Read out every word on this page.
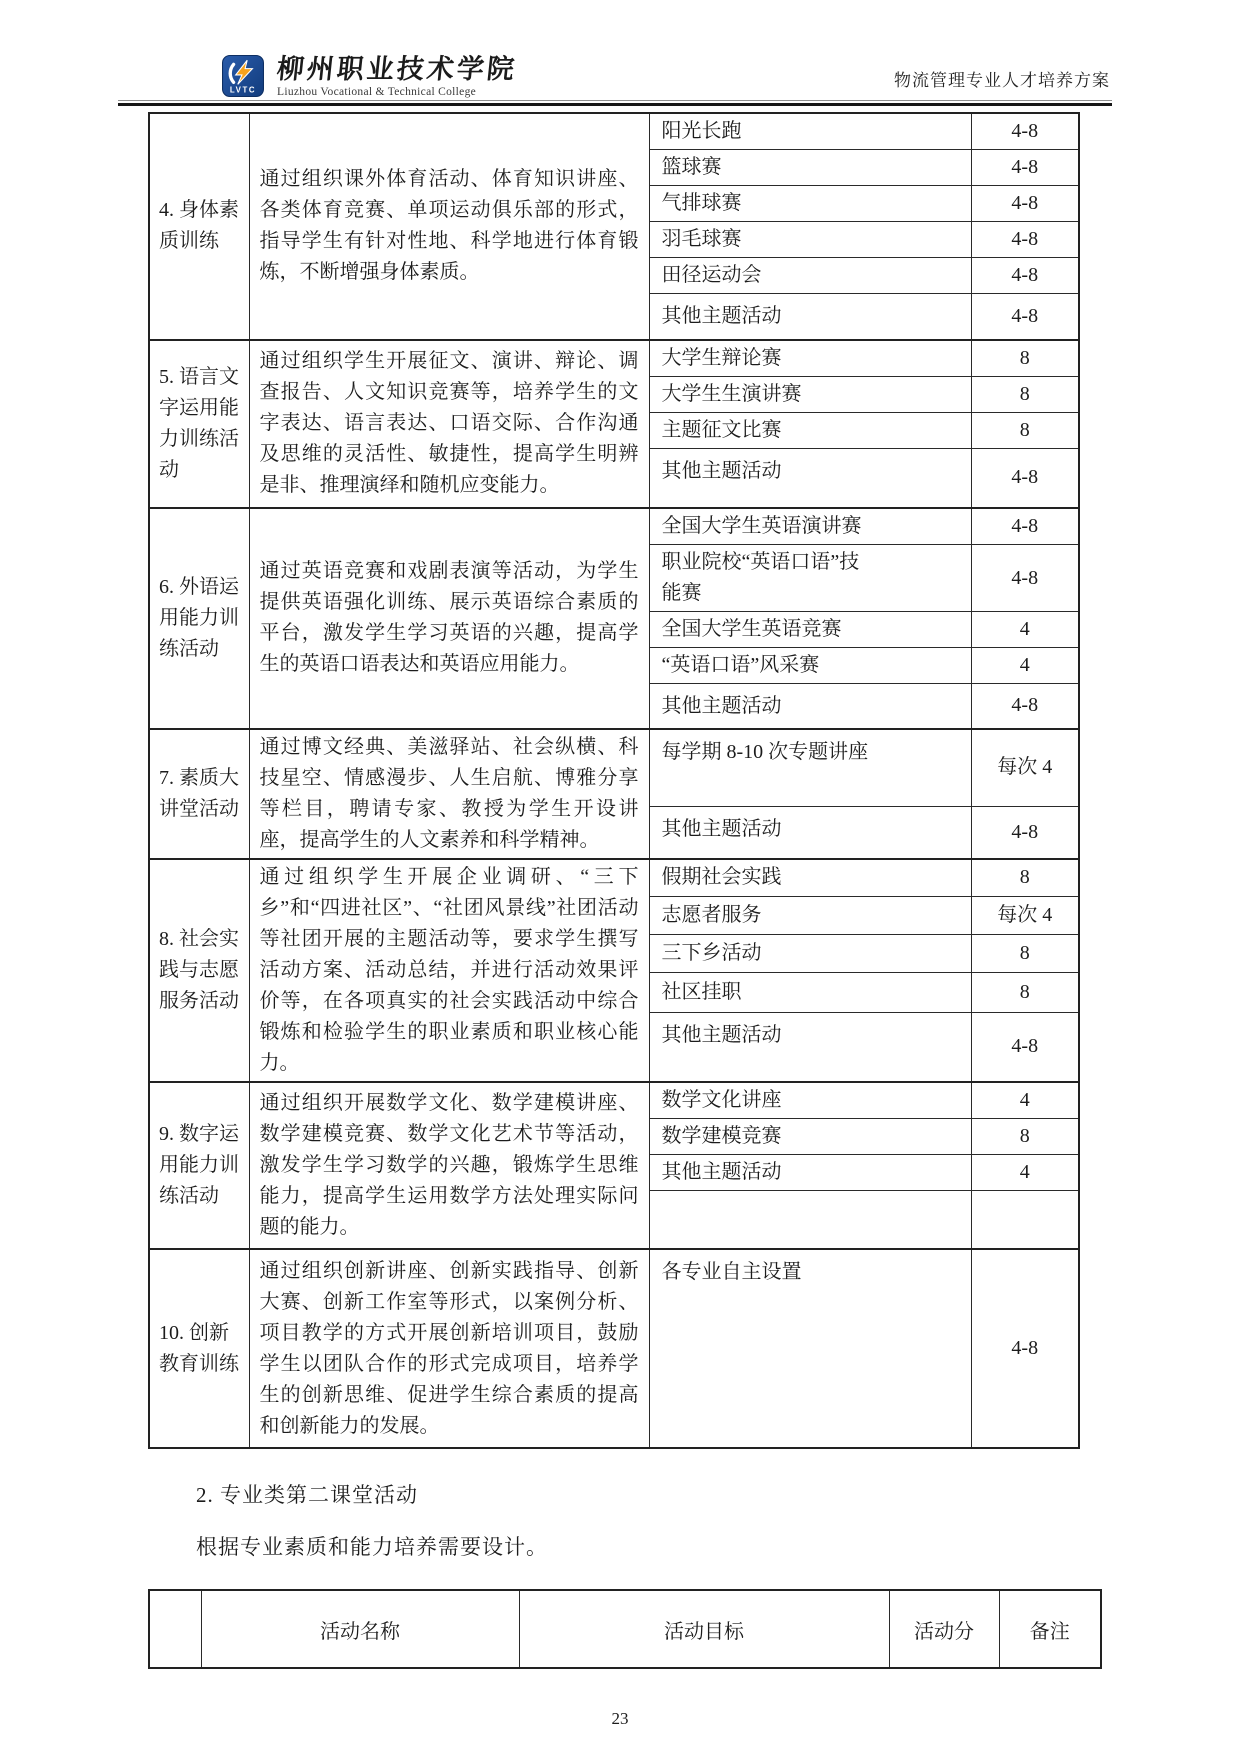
LVTC
柳州职业技术学院
Liuzhou Vocational & Technical College
物流管理专业人才培养方案
4. 身体素质训练	通过组织课外体育活动、体育知识讲座、各类体育竞赛、单项运动俱乐部的形式，指导学生有针对性地、科学地进行体育锻炼，不断增强身体素质。	阳光长跑	4-8
		篮球赛	4-8
		气排球赛	4-8
		羽毛球赛	4-8
		田径运动会	4-8
		其他主题活动	4-8
5. 语言文字运用能力训练活动	通过组织学生开展征文、演讲、辩论、调查报告、人文知识竞赛等，培养学生的文字表达、语言表达、口语交际、合作沟通及思维的灵活性、敏捷性，提高学生明辨是非、推理演绎和随机应变能力。	大学生辩论赛	8
		大学生生演讲赛	8
		主题征文比赛	8
		其他主题活动	4-8
6. 外语运用能力训练活动	通过英语竞赛和戏剧表演等活动，为学生提供英语强化训练、展示英语综合素质的平台，激发学生学习英语的兴趣，提高学生的英语口语表达和英语应用能力。	全国大学生英语演讲赛	4-8
		职业院校“英语口语”技能赛	4-8
		全国大学生英语竞赛	4
		“英语口语”风采赛	4
		其他主题活动	4-8
7. 素质大讲堂活动	通过博文经典、美滋驿站、社会纵横、科技星空、情感漫步、人生启航、博雅分享等栏目，聘请专家、教授为学生开设讲座，提高学生的人文素养和科学精神。	每学期 8-10 次专题讲座	每次 4
		其他主题活动	4-8
8. 社会实践与志愿服务活动	通过组织学生开展企业调研、“三下乡”和“四进社区”、“社团风景线”社团活动等社团开展的主题活动等，要求学生撰写活动方案、活动总结，并进行活动效果评价等，在各项真实的社会实践活动中综合锻炼和检验学生的职业素质和职业核心能力。	假期社会实践	8
		志愿者服务	每次 4
		三下乡活动	8
		社区挂职	8
		其他主题活动	4-8
9. 数字运用能力训练活动	通过组织开展数学文化、数学建模讲座、数学建模竞赛、数学文化艺术节等活动，激发学生学习数学的兴趣，锻炼学生思维能力，提高学生运用数学方法处理实际问题的能力。	数学文化讲座	4
		数学建模竞赛	8
		其他主题活动	4

10. 创新教育训练	通过组织创新讲座、创新实践指导、创新大赛、创新工作室等形式，以案例分析、项目教学的方式开展创新培训项目，鼓励学生以团队合作的形式完成项目，培养学生的创新思维、促进学生综合素质的提高和创新能力的发展。	各专业自主设置	4-8
2. 专业类第二课堂活动
根据专业素质和能力培养需要设计。
	活动名称	活动目标	活动分	备注
23
